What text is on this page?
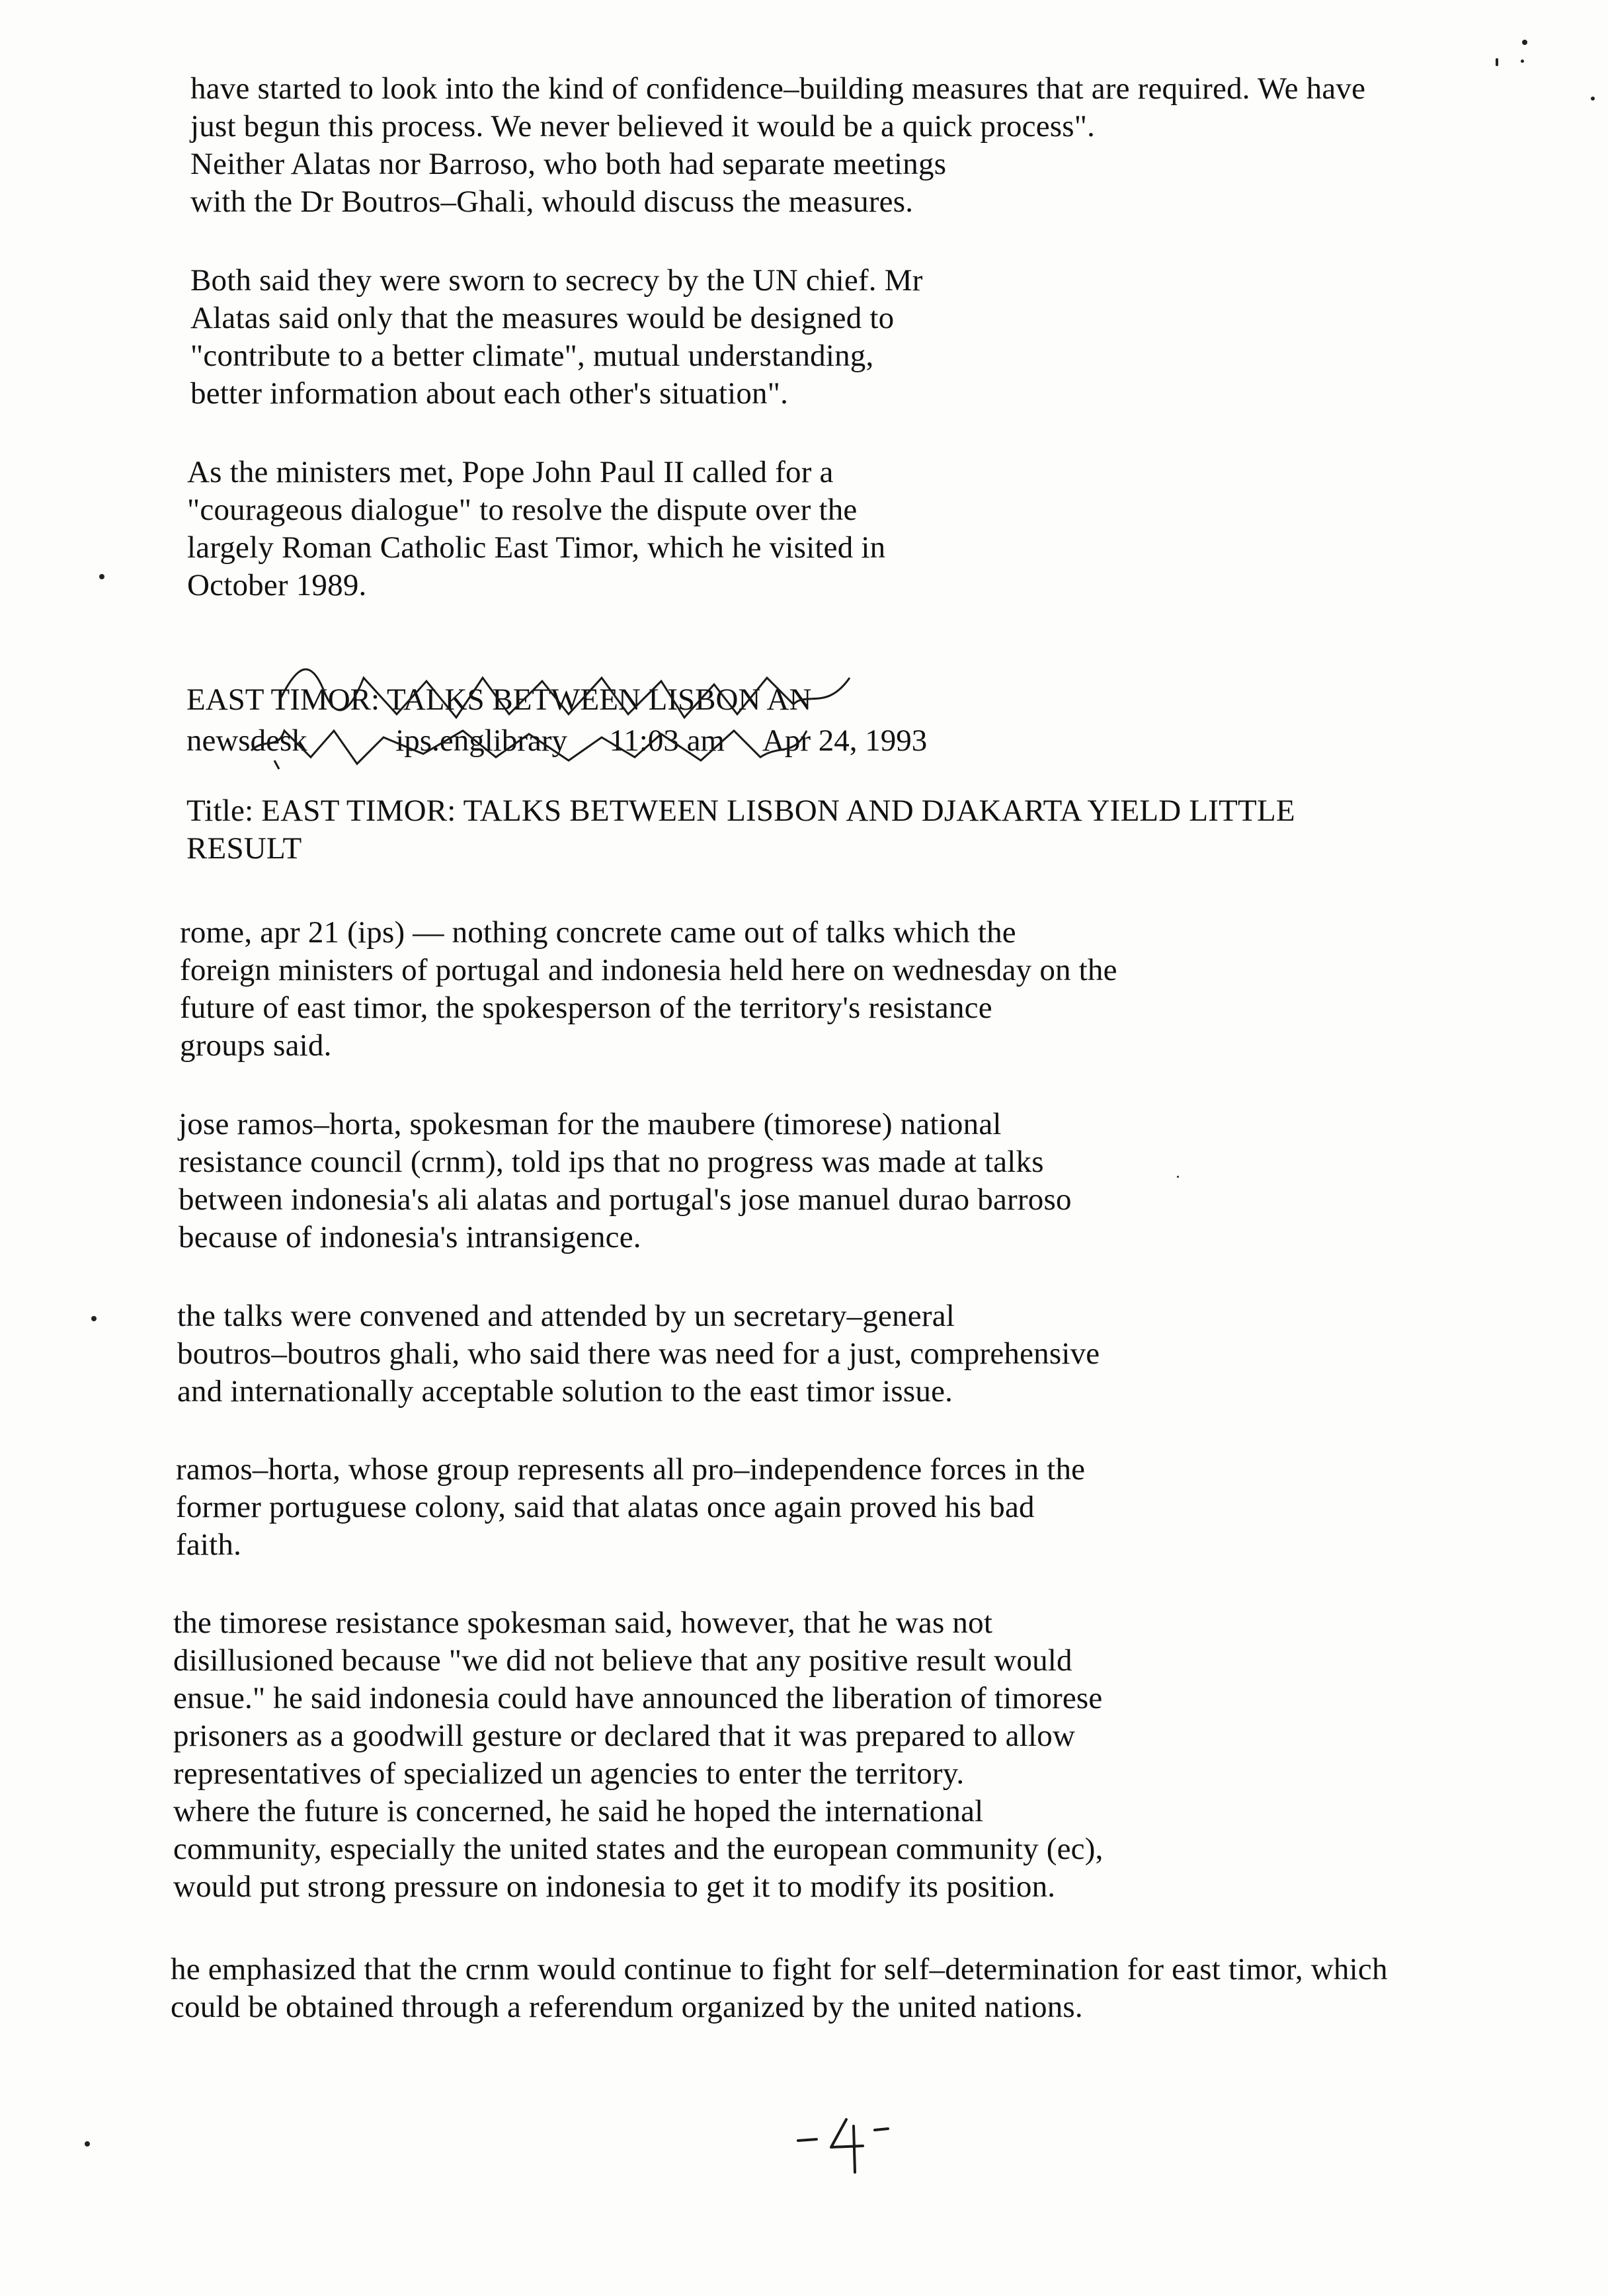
have started to look into the kind of confidence–building measures that are required. We have
just begun this process. We never believed it would be a quick process".
Neither Alatas nor Barroso, who both had separate meetings
with the Dr Boutros–Ghali, whould discuss the measures.
Both said they were sworn to secrecy by the UN chief. Mr
Alatas said only that the measures would be designed to
"contribute to a better climate", mutual understanding,
better information about each other's situation".
As the ministers met, Pope John Paul II called for a
"courageous dialogue" to resolve the dispute over the
largely Roman Catholic East Timor, which he visited in
October 1989.
EAST TIMOR: TALKS BETWEEN LISBON AN
newsdesk	ips.englibrary 11:03 am Apr 24, 1993
Title: EAST TIMOR: TALKS BETWEEN LISBON AND DJAKARTA YIELD LITTLE
RESULT
rome, apr 21 (ips) –– nothing concrete came out of talks which the
foreign ministers of portugal and indonesia held here on wednesday on the
future of east timor, the spokesperson of the territory's resistance
groups said.
jose ramos–horta, spokesman for the maubere (timorese) national
resistance council (crnm), told ips that no progress was made at talks
between indonesia's ali alatas and portugal's jose manuel durao barroso
because of indonesia's intransigence.
the talks were convened and attended by un secretary–general
boutros–boutros ghali, who said there was need for a just, comprehensive
and internationally acceptable solution to the east timor issue.
ramos–horta, whose group represents all pro–independence forces in the
former portuguese colony, said that alatas once again proved his bad
faith.
the timorese resistance spokesman said, however, that he was not
disillusioned because "we did not believe that any positive result would
ensue." he said indonesia could have announced the liberation of timorese
prisoners as a goodwill gesture or declared that it was prepared to allow
representatives of specialized un agencies to enter the territory.
where the future is concerned, he said he hoped the international
community, especially the united states and the european community (ec),
would put strong pressure on indonesia to get it to modify its position.
he emphasized that the crnm would continue to fight for self–determination for east timor, which
could be obtained through a referendum organized by the united nations.
